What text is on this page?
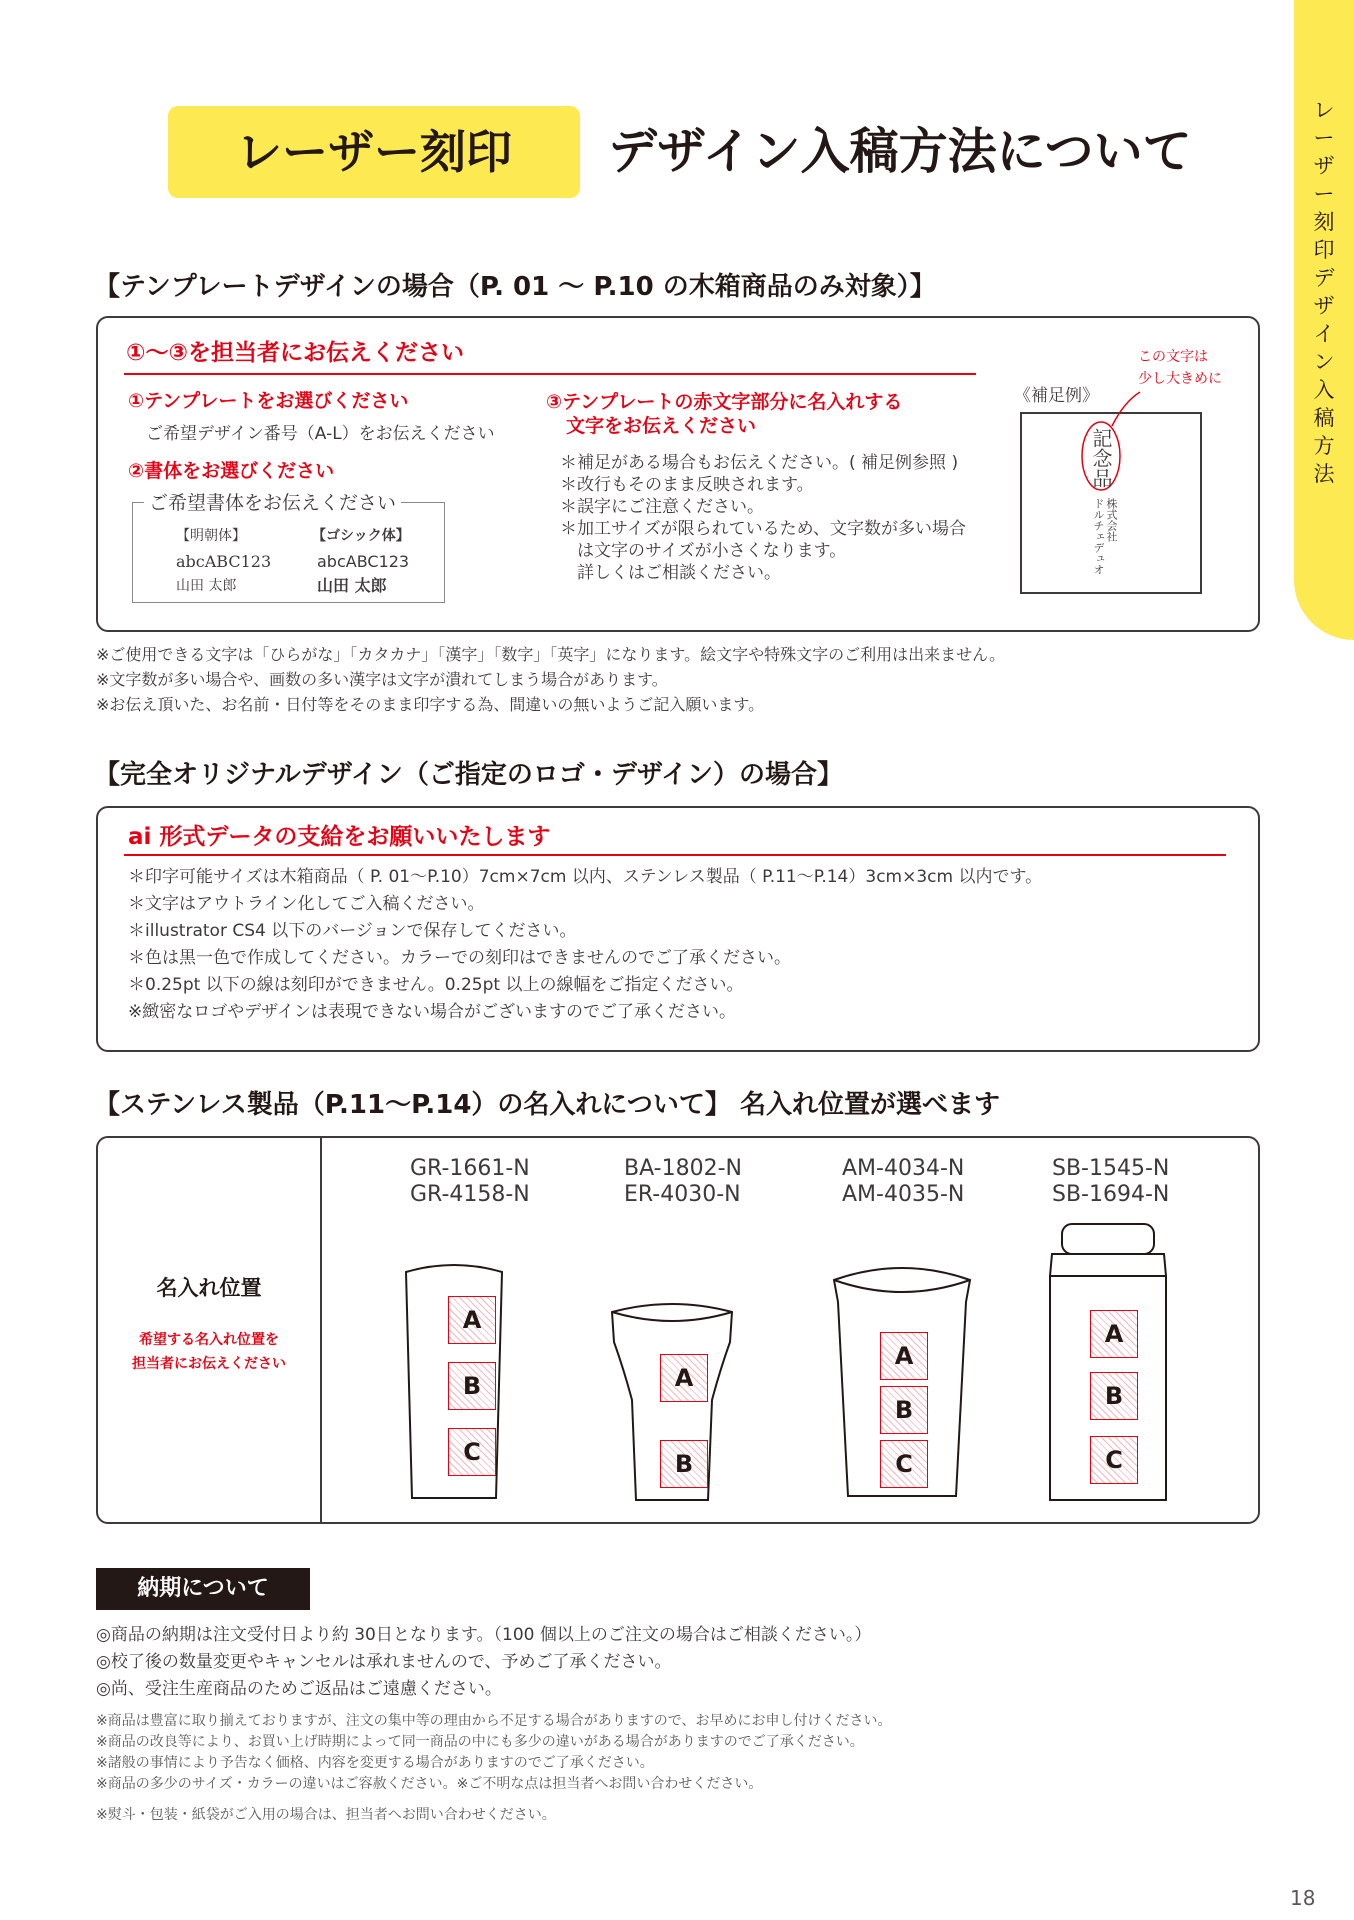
レーザー刻印 デザイン入稿方法
レーザー刻印	デザイン入稿方法について
【テンプレートデザインの場合（P. 01 ～ P.10 の木箱商品のみ対象）】
①～③を担当者にお伝えください
①テンプレートをお選びください
ご希望デザイン番号（A-L）をお伝えください
②書体をお選びください
ご希望書体をお伝えください
【明朝体】
abcABC123
山田 太郎
【ゴシック体】
abcABC123
山田 太郎
③テンプレートの赤文字部分に名入れする
文字をお伝えください
＊補足がある場合もお伝えください。( 補足例参照 )
＊改行もそのまま反映されます。
＊誤字にご注意ください。
＊加工サイズが限られているため、文字数が多い場合
　は文字のサイズが小さくなります。
　詳しくはご相談ください。
《補足例》
この文字は
少し大きめに
記念品
株式会社
ドルチェデュオ
※ご使用できる文字は「ひらがな」「カタカナ」「漢字」「数字」「英字」になります。絵文字や特殊文字のご利用は出来ません。
※文字数が多い場合や、画数の多い漢字は文字が潰れてしまう場合があります。
※お伝え頂いた、お名前・日付等をそのまま印字する為、間違いの無いようご記入願います。
【完全オリジナルデザイン（ご指定のロゴ・デザイン）の場合】
ai 形式データの支給をお願いいたします
＊印字可能サイズは木箱商品（ P. 01～P.10）7cm×7cm 以内、ステンレス製品（ P.11～P.14）3cm×3cm 以内です。
＊文字はアウトライン化してご入稿ください。
＊illustrator CS4 以下のバージョンで保存してください。
＊色は黒一色で作成してください。カラーでの刻印はできませんのでご了承ください。
＊0.25pt 以下の線は刻印ができません。0.25pt 以上の線幅をご指定ください。
※緻密なロゴやデザインは表現できない場合がございますのでご了承ください。
【ステンレス製品（P.11～P.14）の名入れについて】 名入れ位置が選べます
名入れ位置
希望する名入れ位置を
担当者にお伝えください
GR-1661-N
GR-4158-N
BA-1802-N
ER-4030-N
AM-4034-N
AM-4035-N
SB-1545-N
SB-1694-N
A
B
C
A
B
A
B
C
A
B
C
納期について
◎商品の納期は注文受付日より約 30日となります。（100 個以上のご注文の場合はご相談ください。）
◎校了後の数量変更やキャンセルは承れませんので、予めご了承ください。
◎尚、受注生産商品のためご返品はご遠慮ください。
※商品は豊富に取り揃えておりますが、注文の集中等の理由から不足する場合がありますので、お早めにお申し付けください。
※商品の改良等により、お買い上げ時期によって同一商品の中にも多少の違いがある場合がありますのでご了承ください。
※諸般の事情により予告なく価格、内容を変更する場合がありますのでご了承ください。
※商品の多少のサイズ・カラーの違いはご容赦ください。※ご不明な点は担当者へお問い合わせください。
※熨斗・包装・紙袋がご入用の場合は、担当者へお問い合わせください。
18
